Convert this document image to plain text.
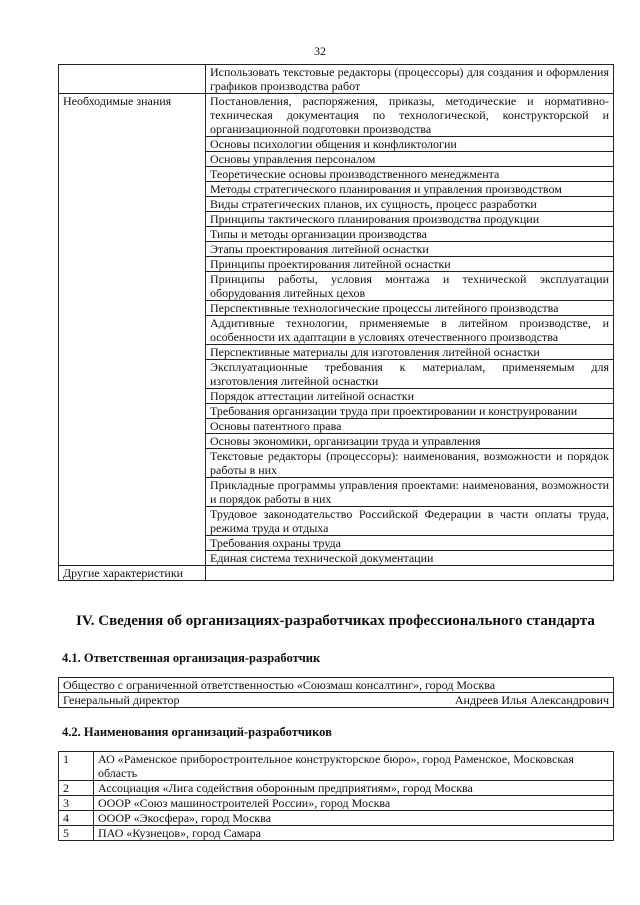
32
	Использовать текстовые редакторы (процессоры) для создания и оформления графиков производства работ
Необходимые знания	Постановления, распоряжения, приказы, методические и нормативно-техническая документация по технологической, конструкторской и организационной подготовки производства
	Основы психологии общения и конфликтологии
	Основы управления персоналом
	Теоретические основы производственного менеджмента
	Методы стратегического планирования и управления производством
	Виды стратегических планов, их сущность, процесс разработки
	Принципы тактического планирования производства продукции
	Типы и методы организации производства
	Этапы проектирования литейной оснастки
	Принципы проектирования литейной оснастки
	Принципы работы, условия монтажа и технической эксплуатации оборудования литейных цехов
	Перспективные технологические процессы литейного производства
	Аддитивные технологии, применяемые в литейном производстве, и особенности их адаптации в условиях отечественного производства
	Перспективные материалы для изготовления литейной оснастки
	Эксплуатационные требования к материалам, применяемым для изготовления литейной оснастки
	Порядок аттестации литейной оснастки
	Требования организации труда при проектировании и конструировании
	Основы патентного права
	Основы экономики, организации труда и управления
	Текстовые редакторы (процессоры): наименования, возможности и порядок работы в них
	Прикладные программы управления проектами: наименования, возможности и порядок работы в них
	Трудовое законодательство Российской Федерации в части оплаты труда, режима труда и отдыха
	Требования охраны труда
	Единая система технической документации
Другие характеристики	
IV. Сведения об организациях-разработчиках профессионального стандарта
4.1. Ответственная организация-разработчик
Общество с ограниченной ответственностью «Союзмаш консалтинг», город Москва

Генеральный директор	Андреев Илья Александрович
4.2. Наименования организаций-разработчиков
1	АО «Раменское приборостроительное конструкторское бюро», город Раменское, Московская область
2	Ассоциация «Лига содействия оборонным предприятиям», город Москва
3	ОООР «Союз машиностроителей России», город Москва
4	ОООР «Экосфера», город Москва
5	ПАО «Кузнецов», город Самара
